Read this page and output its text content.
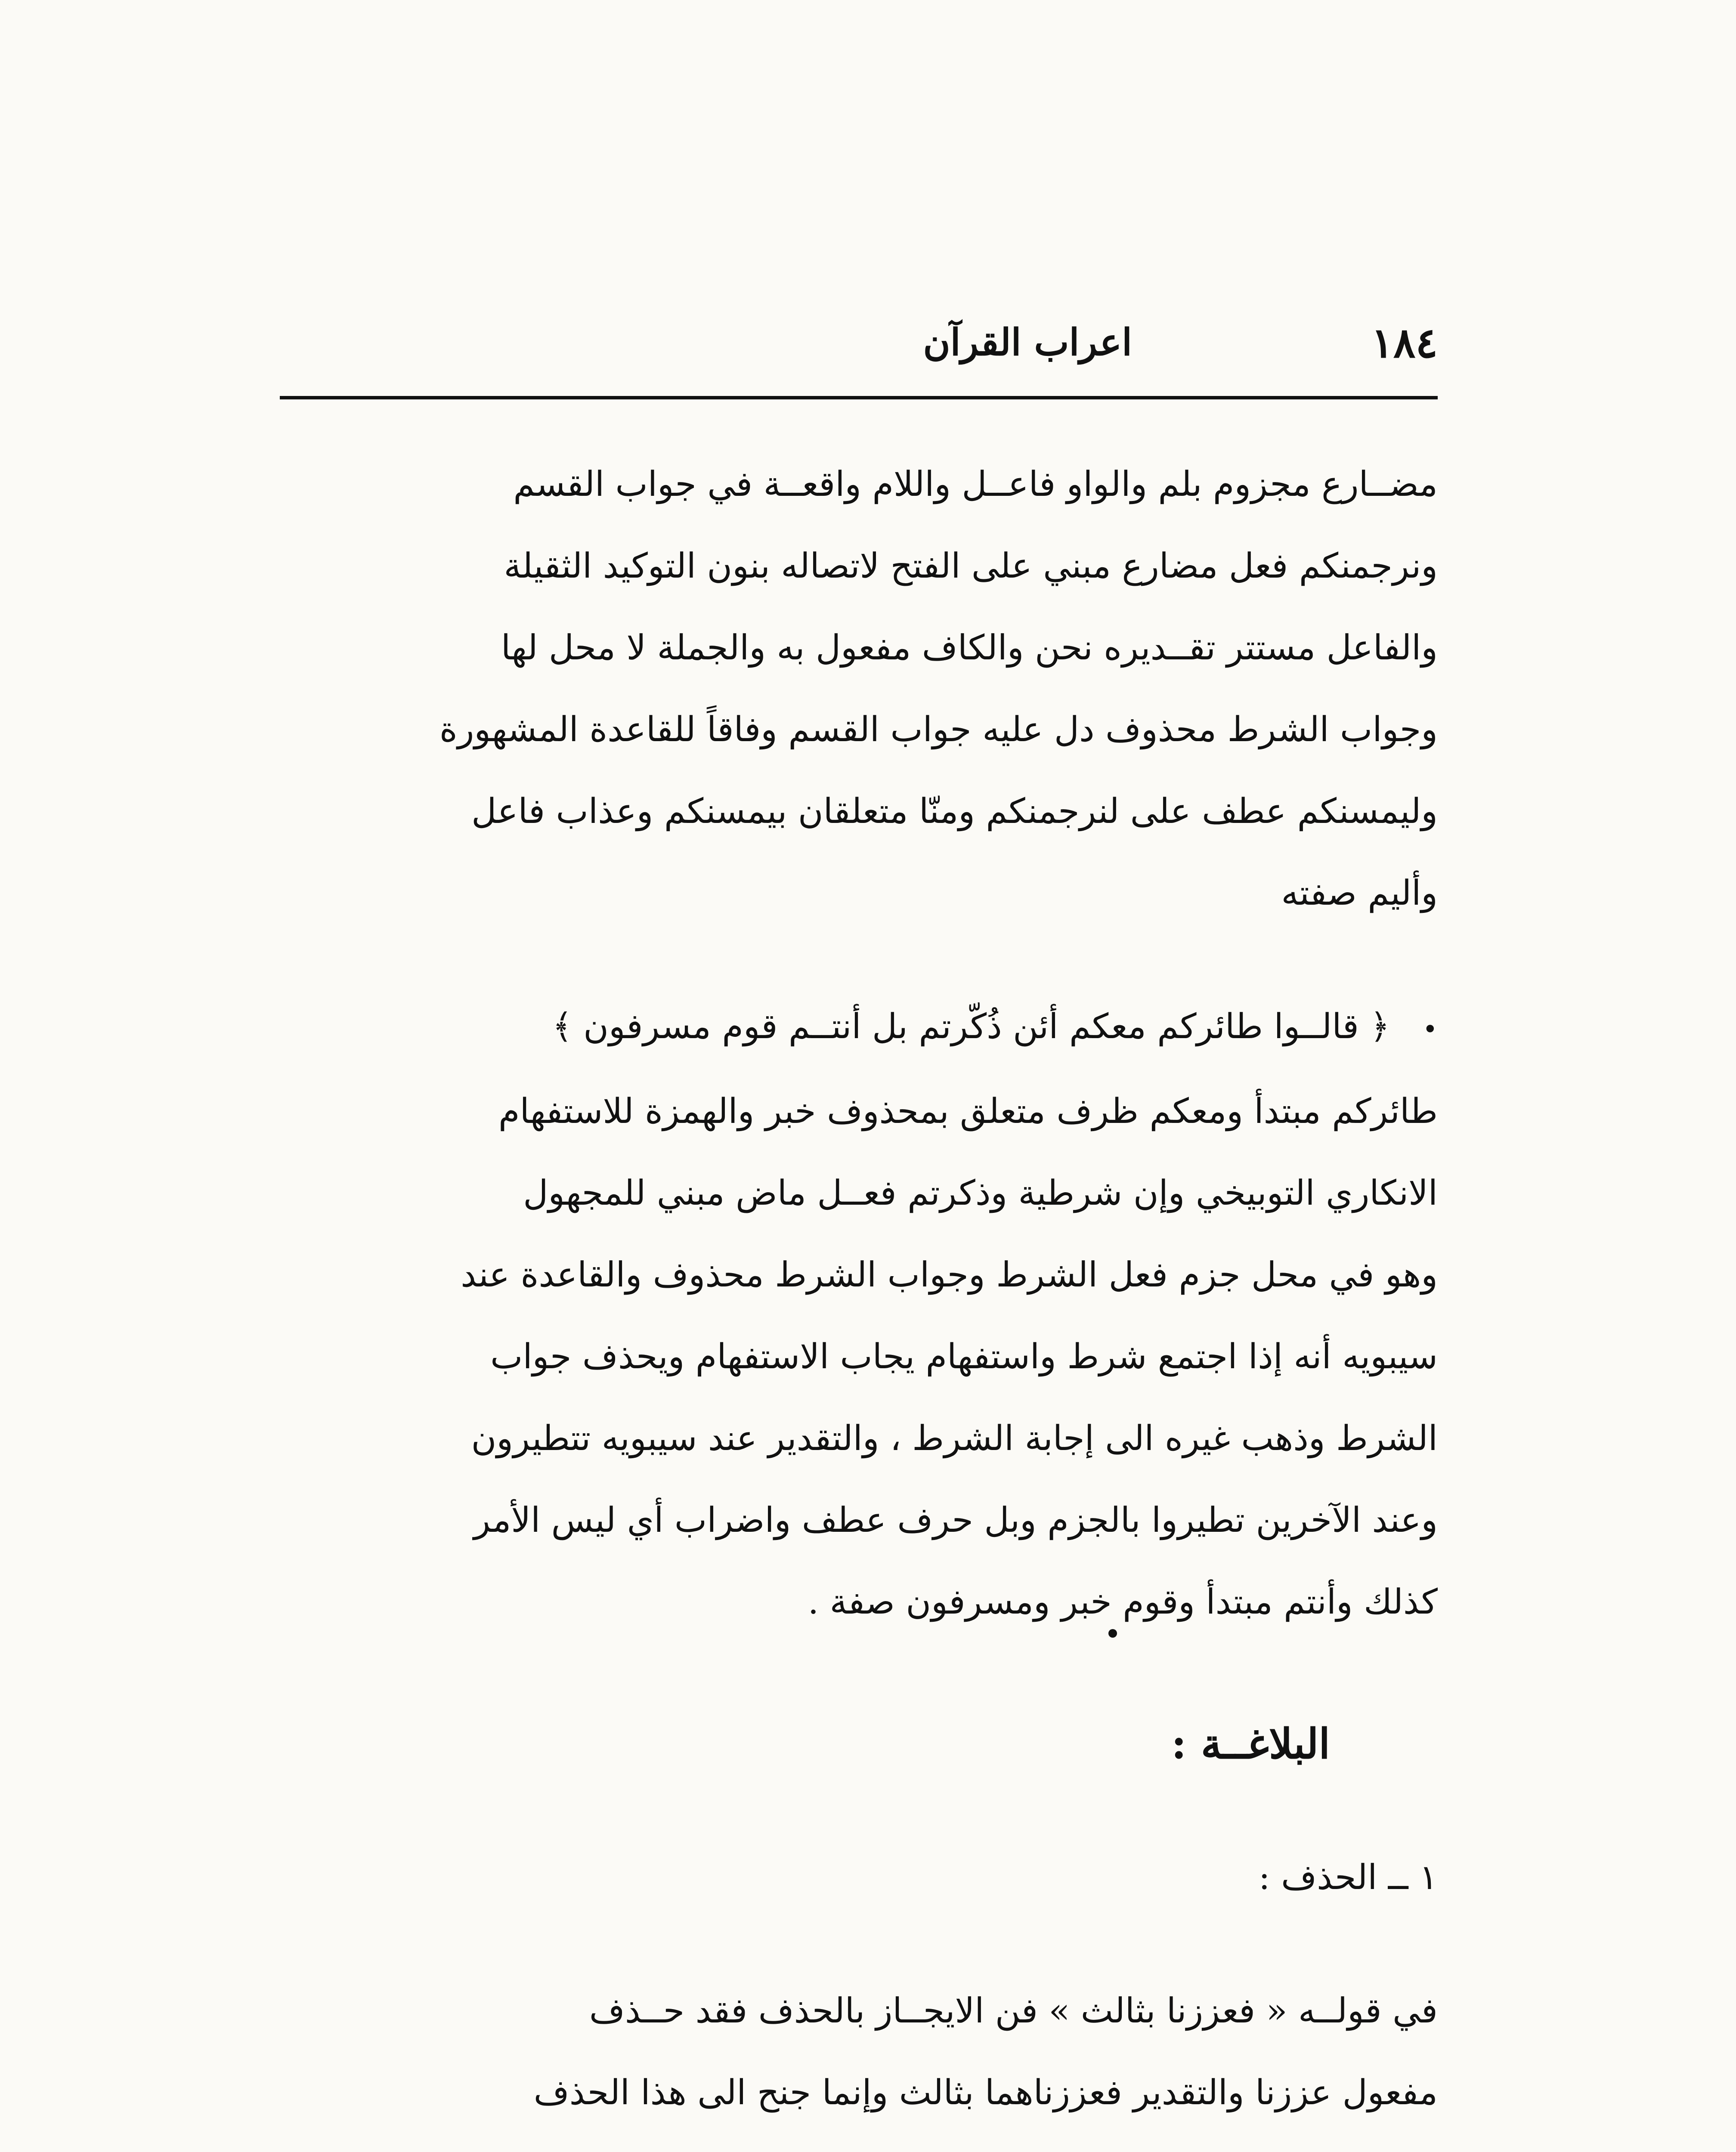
١٨٤
اعراب القرآن

مضــارع مجزوم بلم والواو فاعــل واللام واقعــة في جواب القسم
ونرجمنكم فعل مضارع مبني على الفتح لاتصاله بنون التوكيد الثقيلة
والفاعل مستتر تقــديره نحن والكاف مفعول به والجملة لا محل لها
وجواب الشرط محذوف دل عليه جواب القسم وفاقاً للقاعدة المشهورة
وليمسنكم عطف على لنرجمنكم ومنّا متعلقان بيمسنكم وعذاب فاعل
وأليم صفته

• ﴿ قالــوا طائركم معكم أئن ذُكّرتم بل أنتــم قوم مسرفون ﴾
طائركم مبتدأ ومعكم ظرف متعلق بمحذوف خبر والهمزة للاستفهام
الانكاري التوبيخي وإن شرطية وذكرتم فعــل ماض مبني للمجهول
وهو في محل جزم فعل الشرط وجواب الشرط محذوف والقاعدة عند
سيبويه أنه إذا اجتمع شرط واستفهام يجاب الاستفهام ويحذف جواب
الشرط وذهب غيره الى إجابة الشرط ، والتقدير عند سيبويه تتطيرون
وعند الآخرين تطيروا بالجزم وبل حرف عطف واضراب أي ليس الأمر
كذلك وأنتم مبتدأ وقوم خبر ومسرفون صفة .

البلاغــة :
١ ــ الحذف :

في قولــه « فعززنا بثالث » فن الايجــاز بالحذف فقد حــذف
مفعول عززنا والتقدير فعززناهما بثالث وإنما جنح الى هذا الحذف
